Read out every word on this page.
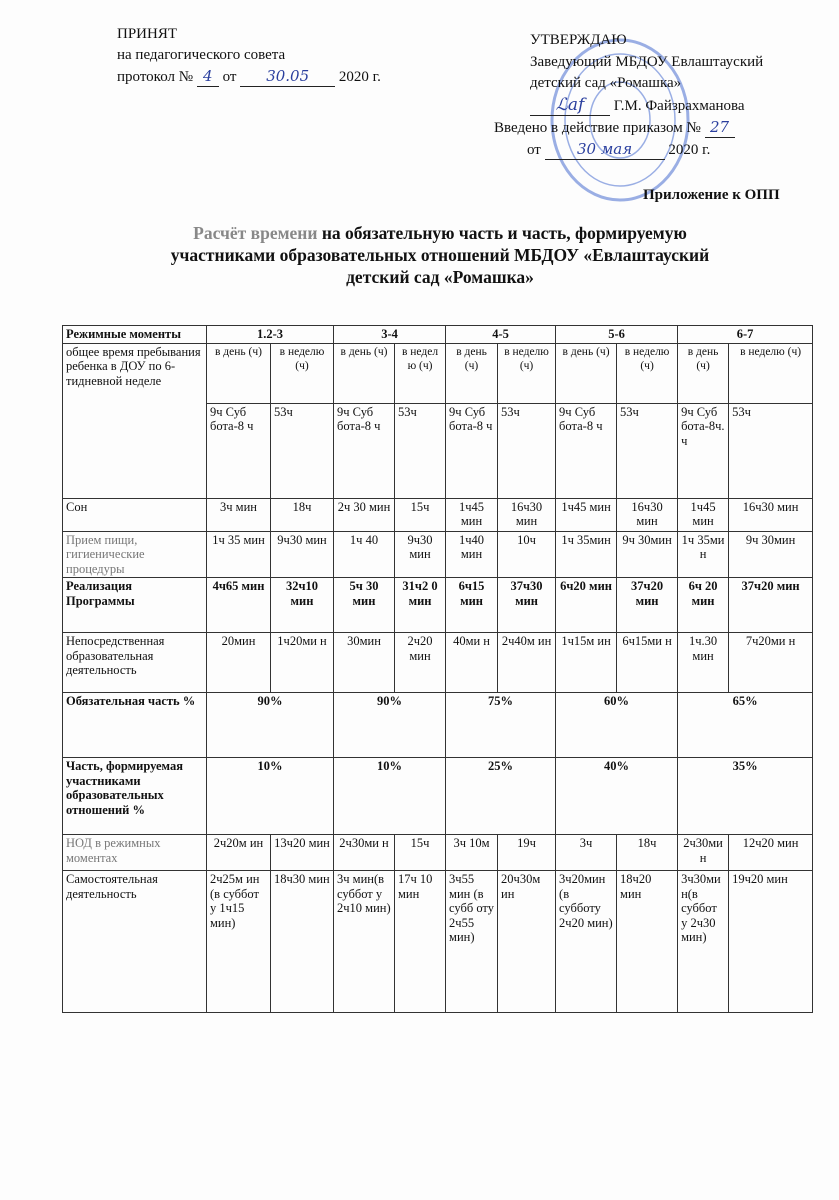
ПРИНЯТ
на педагогического совета
протокол № 4 от 30.05 2020 г.
УТВЕРЖДАЮ
Заведующий МБДОУ Евлаштауский
детский сад «Ромашка»
ℒ𝑎𝑓 Г.М. Файзрахманова
Введено в действие приказом № 27
от 30 мая 2020 г.
Приложение к ОПП
Расчёт времени на обязательную часть и часть, формируемую
участниками образовательных отношений МБДОУ «Евлаштауский
детский сад «Ромашка»
Режимные моменты	1.2-3		3-4		4-5		5-6		6-7	
общее время пребывания ребенка в ДОУ по 6-тидневной неделе	в день (ч)	в неделю (ч)	в день (ч)	в недел ю (ч)	в день (ч)	в неделю (ч)	в день (ч)	в неделю (ч)	в день (ч)	в неделю (ч)
	9ч Суб бота-8 ч	53ч	9ч Суб бота-8 ч	53ч	9ч Суб бота-8 ч	53ч	9ч Суб бота-8 ч	53ч	9ч Суб бота-8ч. ч	53ч
Сон	3ч мин	18ч	2ч 30 мин	15ч	1ч45 мин	16ч30 мин	1ч45 мин	16ч30 мин	1ч45 мин	16ч30 мин
Прием пищи, гигиенические процедуры	1ч 35 мин	9ч30 мин	1ч 40	9ч30 мин	1ч40 мин	10ч	1ч 35мин	9ч 30мин	1ч 35ми н	9ч 30мин
Реализация Программы	4ч65 мин	32ч10 мин	5ч 30 мин	31ч2 0 мин	6ч15 мин	37ч30 мин	6ч20 мин	37ч20 мин	6ч 20 мин	37ч20 мин
Непосредственная образовательная деятельность	20мин	1ч20ми н	30мин	2ч20 мин	40ми н	2ч40м ин	1ч15м ин	6ч15ми н	1ч.30 мин	7ч20ми н
Обязательная часть %	90%		90%		75%		60%		65%	
Часть, формируемая участниками образовательных отношений %	10%		10%		25%		40%		35%	
НОД в режимных моментах	2ч20м ин	13ч20 мин	2ч30ми н	15ч	3ч 10м	19ч	3ч	18ч	2ч30ми н	12ч20 мин
Самостоятельная деятельность	2ч25м ин (в суббот у 1ч15 мин)	18ч30 мин	3ч мин(в суббот у 2ч10 мин)	17ч 10 мин	3ч55 мин (в субб оту 2ч55 мин)	20ч30м ин	3ч20мин (в субботу 2ч20 мин)	18ч20 мин	3ч30ми н(в суббот у 2ч30 мин)	19ч20 мин
